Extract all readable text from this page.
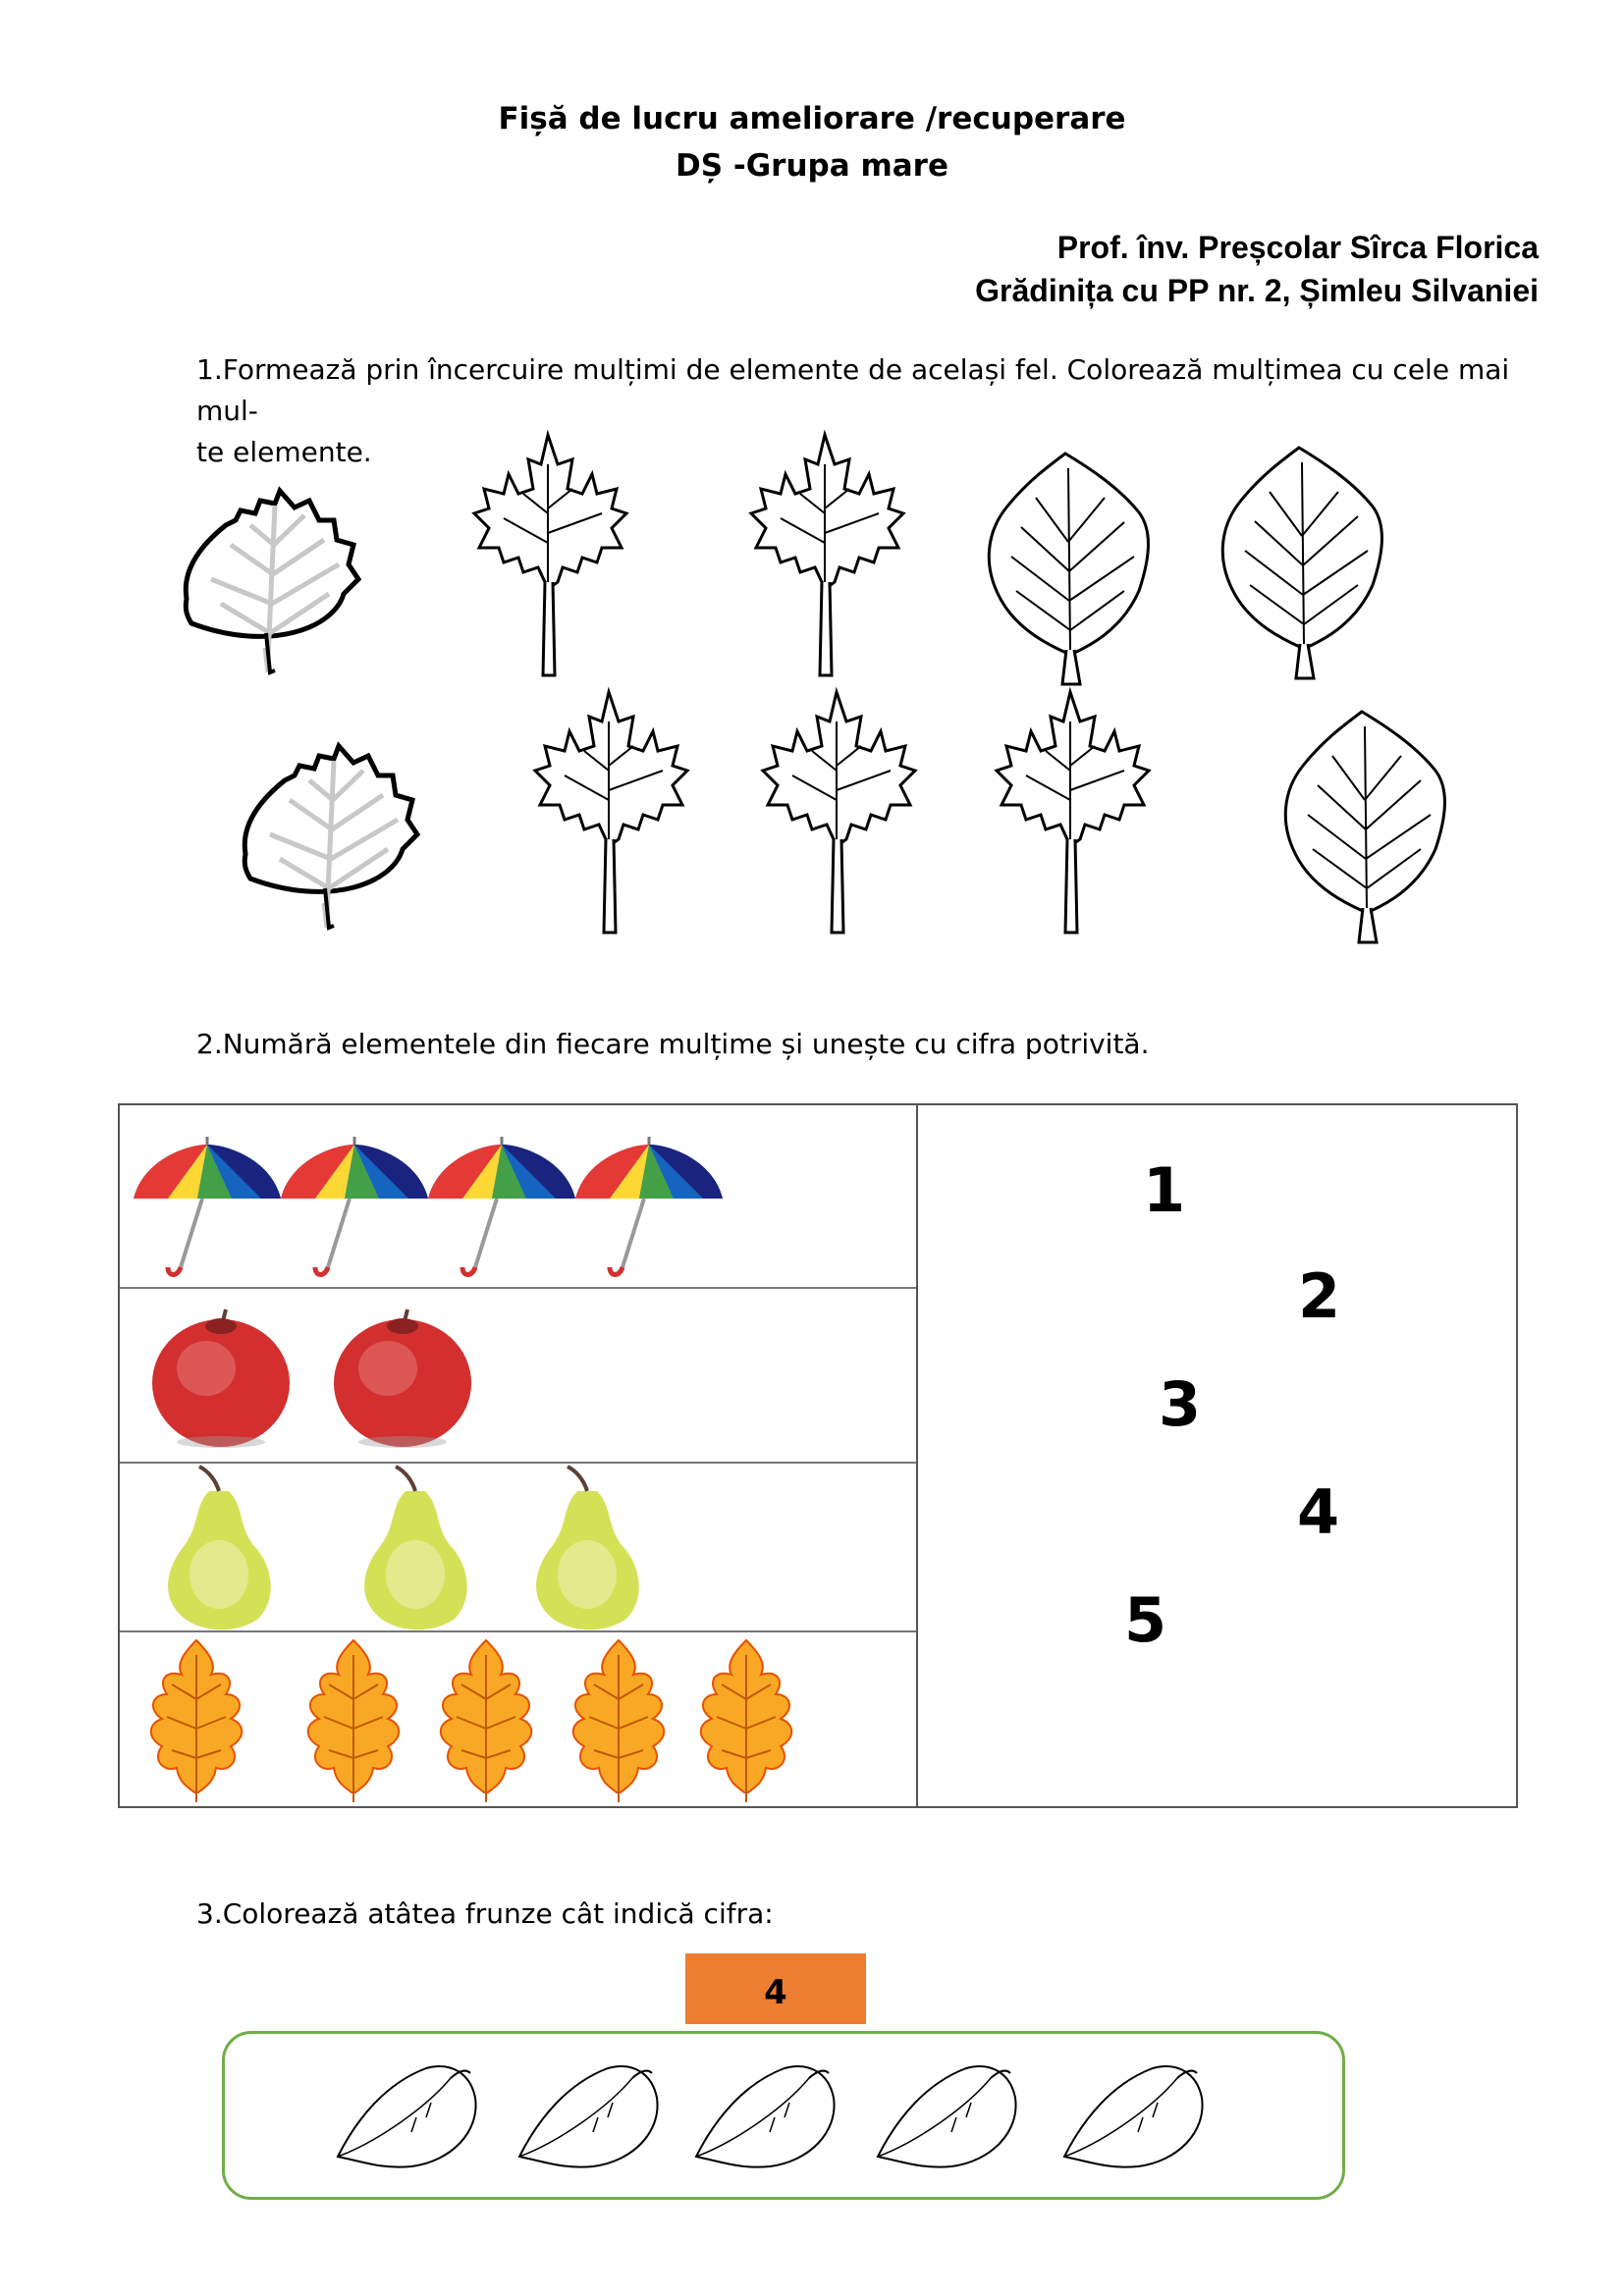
Fișă de lucru ameliorare /recuperare
DȘ -Grupa mare
Prof. înv. Preșcolar Sîrca Florica
Grădinița cu PP nr. 2, Șimleu Silvaniei
1.Formează prin încercuire mulțimi de elemente de același fel. Colorează mulțimea cu cele mai mul-
te elemente.
2.Numără elementele din fiecare mulțime și unește cu cifra potrivită.
1
2
3
4
5
3.Colorează atâtea frunze cât indică cifra:
4
